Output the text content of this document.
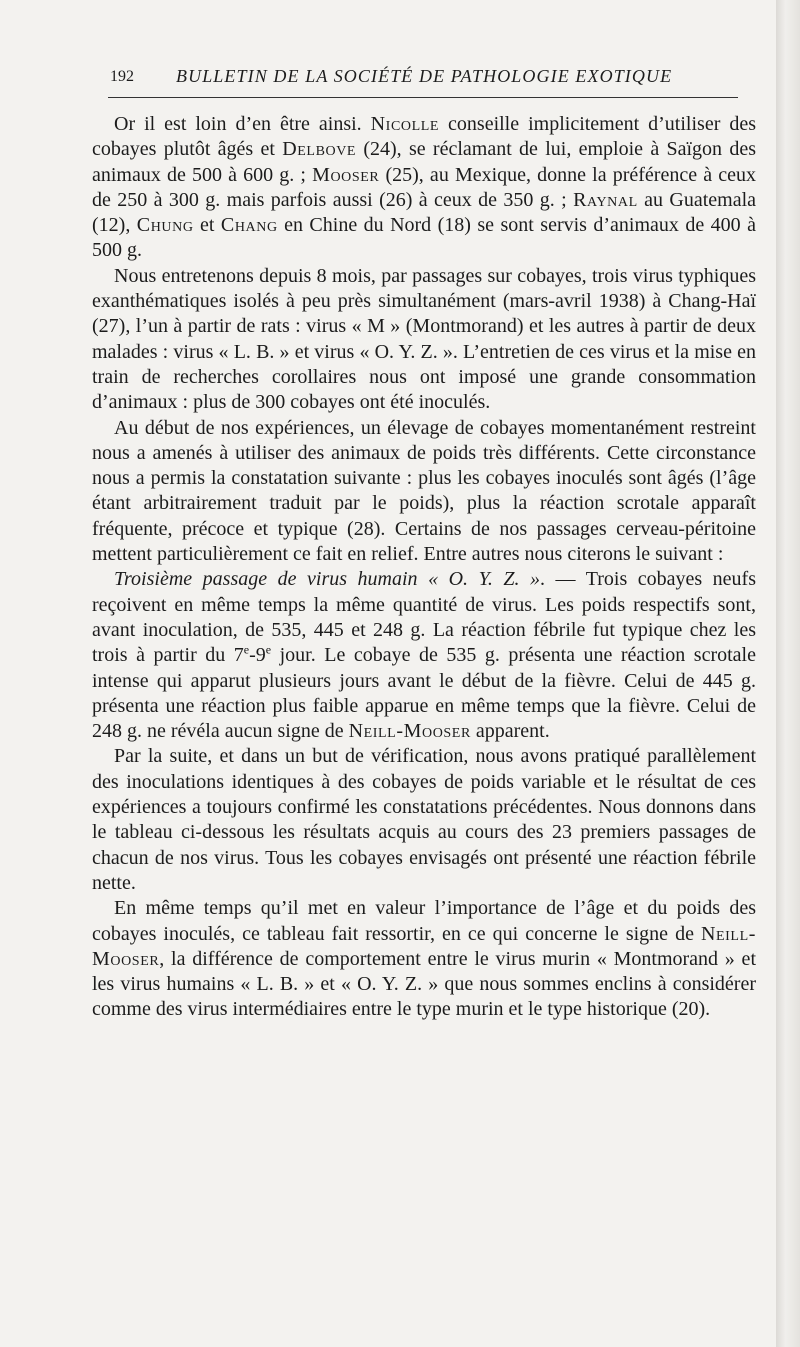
192 BULLETIN DE LA SOCIÉTÉ DE PATHOLOGIE EXOTIQUE

Or il est loin d’en être ainsi. Nicolle conseille implicitement d’utiliser des cobayes plutôt âgés et Delbove (24), se réclamant de lui, emploie à Saïgon des animaux de 500 à 600 g. ; Mooser (25), au Mexique, donne la préférence à ceux de 250 à 300 g. mais parfois aussi (26) à ceux de 350 g. ; Raynal au Guatemala (12), Chung et Chang en Chine du Nord (18) se sont servis d’animaux de 400 à 500 g.

Nous entretenons depuis 8 mois, par passages sur cobayes, trois virus typhiques exanthématiques isolés à peu près simultanément (mars-avril 1938) à Chang-Haï (27), l’un à partir de rats : virus « M » (Montmorand) et les autres à partir de deux malades : virus « L. B. » et virus « O. Y. Z. ». L’entretien de ces virus et la mise en train de recherches corollaires nous ont imposé une grande consommation d’animaux : plus de 300 cobayes ont été inoculés.

Au début de nos expériences, un élevage de cobayes momentanément restreint nous a amenés à utiliser des animaux de poids très différents. Cette circonstance nous a permis la constatation suivante : plus les cobayes inoculés sont âgés (l’âge étant arbitrairement traduit par le poids), plus la réaction scrotale apparaît fréquente, précoce et typique (28). Certains de nos passages cerveau-péritoine mettent particulièrement ce fait en relief. Entre autres nous citerons le suivant :

Troisième passage de virus humain « O. Y. Z. ». — Trois cobayes neufs reçoivent en même temps la même quantité de virus. Les poids respectifs sont, avant inoculation, de 535, 445 et 248 g. La réaction fébrile fut typique chez les trois à partir du 7e-9e jour. Le cobaye de 535 g. présenta une réaction scrotale intense qui apparut plusieurs jours avant le début de la fièvre. Celui de 445 g. présenta une réaction plus faible apparue en même temps que la fièvre. Celui de 248 g. ne révéla aucun signe de Neill-Mooser apparent.

Par la suite, et dans un but de vérification, nous avons pratiqué parallèlement des inoculations identiques à des cobayes de poids variable et le résultat de ces expériences a toujours confirmé les constatations précédentes. Nous donnons dans le tableau ci-dessous les résultats acquis au cours des 23 premiers passages de chacun de nos virus. Tous les cobayes envisagés ont présenté une réaction fébrile nette.

En même temps qu’il met en valeur l’importance de l’âge et du poids des cobayes inoculés, ce tableau fait ressortir, en ce qui concerne le signe de Neill-Mooser, la différence de comportement entre le virus murin « Montmorand » et les virus humains « L. B. » et « O. Y. Z. » que nous sommes enclins à considérer comme des virus intermédiaires entre le type murin et le type historique (20).
